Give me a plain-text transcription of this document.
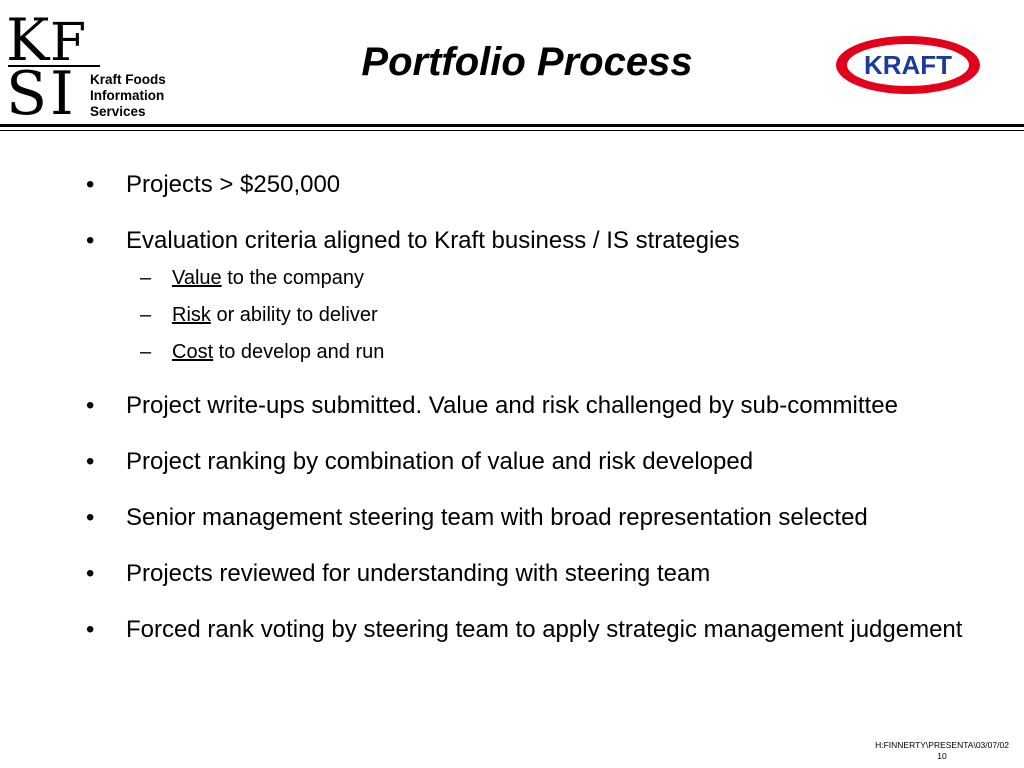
K F
S I Kraft Foods
Information
Services
Portfolio Process	KRAFT
• Projects > $250,000
• Evaluation criteria aligned to Kraft business / IS strategies
– Value to the company
– Risk or ability to deliver
– Cost to develop and run
• Project write-ups submitted. Value and risk challenged by sub-committee
• Project ranking by combination of value and risk developed
• Senior management steering team with broad representation selected
• Projects reviewed for understanding with steering team
• Forced rank voting by steering team to apply strategic management judgement
H:FINNERTY\PRESENTA\03/07/02
10
